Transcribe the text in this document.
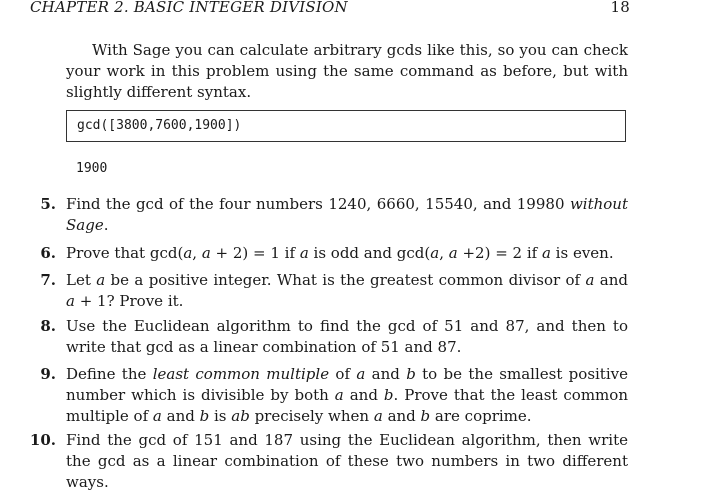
CHAPTER 2. BASIC INTEGER DIVISION	18
With Sage you can calculate arbitrary gcds like this, so you can check your work in this problem using the same command as before, but with slightly different syntax.
gcd([3800,7600,1900])
1900
5. Find the gcd of the four numbers 1240, 6660, 15540, and 19980 without Sage.
6. Prove that gcd(a, a + 2) = 1 if a is odd and gcd(a, a +2) = 2 if a is even.
7. Let a be a positive integer. What is the greatest common divisor of a and a + 1? Prove it.
8. Use the Euclidean algorithm to find the gcd of 51 and 87, and then to write that gcd as a linear combination of 51 and 87.
9. Define the least common multiple of a and b to be the smallest positive number which is divisible by both a and b. Prove that the least common multiple of a and b is ab precisely when a and b are coprime.
10. Find the gcd of 151 and 187 using the Euclidean algorithm, then write the gcd as a linear combination of these two numbers in two different ways.
